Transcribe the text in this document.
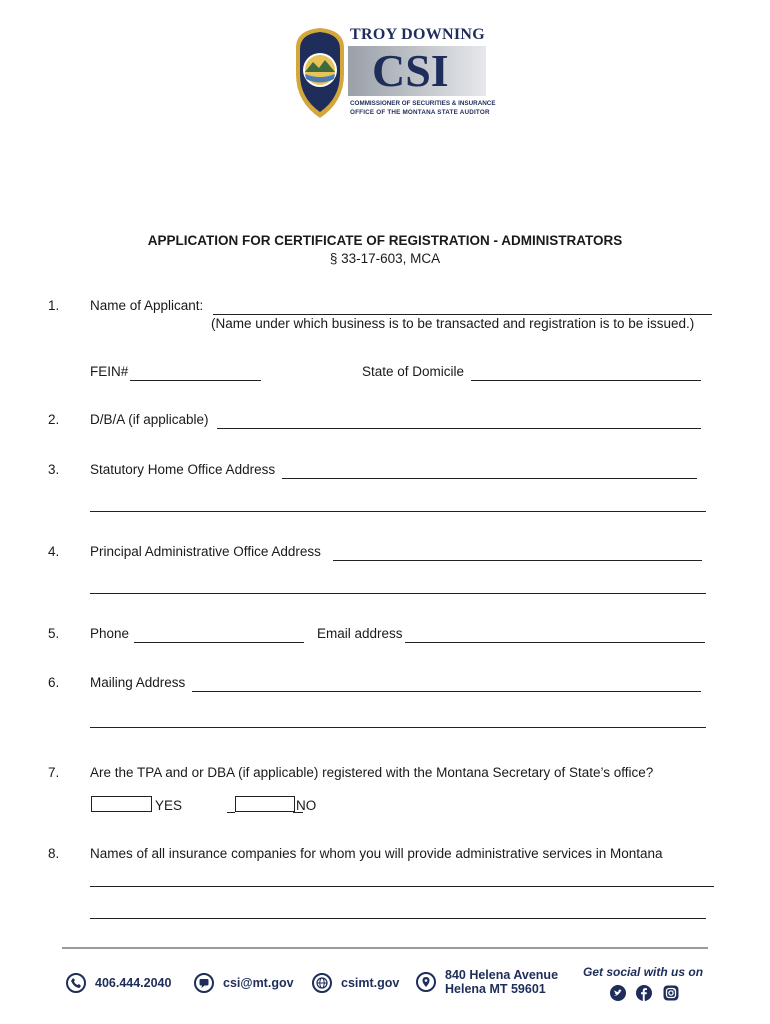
TROY DOWNING
CSI
COMMISSIONER OF SECURITIES & INSURANCE
OFFICE OF THE MONTANA STATE AUDITOR
APPLICATION FOR CERTIFICATE OF REGISTRATION - ADMINISTRATORS
§ 33-17-603, MCA
1. Name of Applicant:
(Name under which business is to be transacted and registration is to be issued.)
FEIN#	State of Domicile
2. D/B/A (if applicable)
3. Statutory Home Office Address
4. Principal Administrative Office Address
5. Phone	Email address
6. Mailing Address
7. Are the TPA and or DBA (if applicable) registered with the Montana Secretary of State’s office?
YES	NO
8. Names of all insurance companies for whom you will provide administrative services in Montana
406.444.2040	csi@mt.gov	csimt.gov
840 Helena Avenue
Helena MT 59601
Get social with us on
